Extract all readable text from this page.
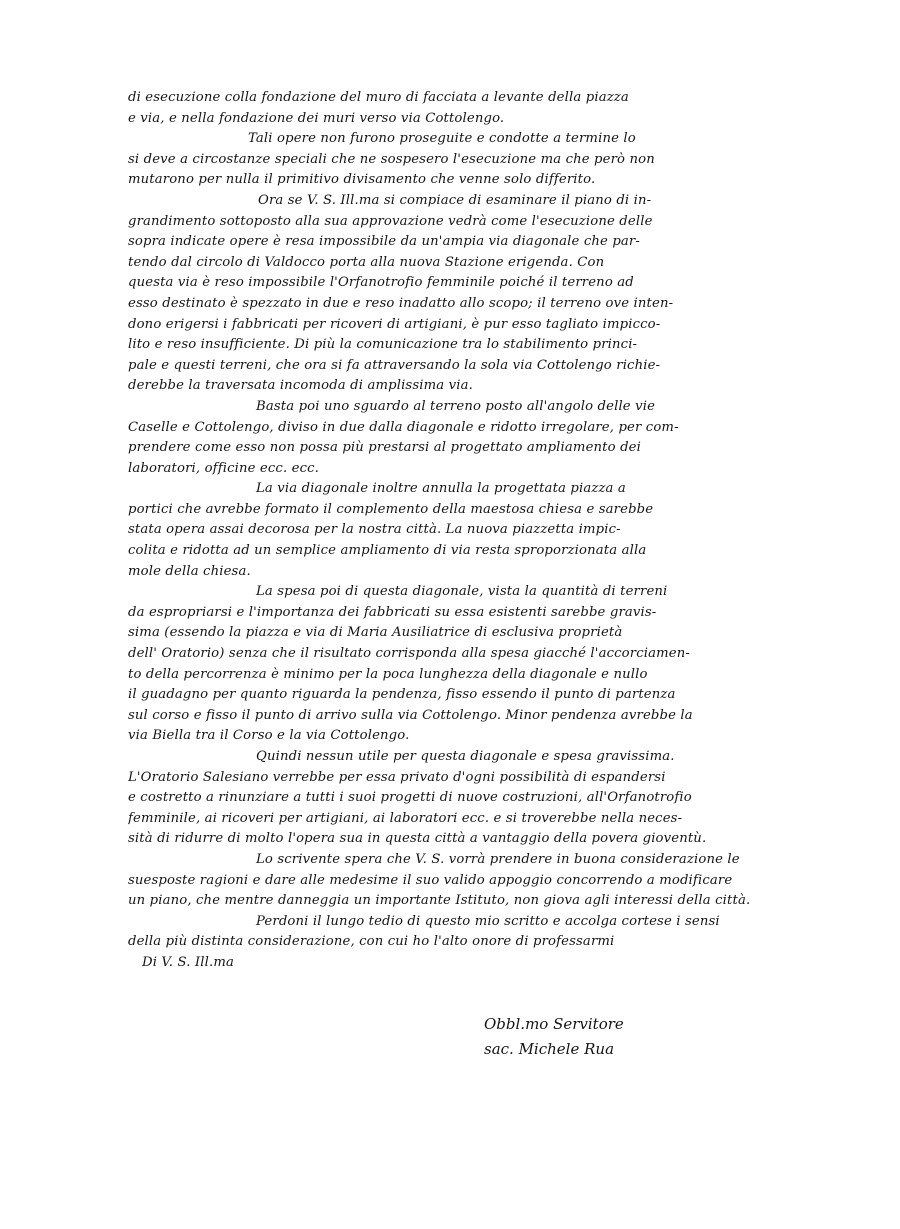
di esecuzione colla fondazione del muro di facciata a levante della piazza
e via, e nella fondazione dei muri verso via Cottolengo.
Tali opere non furono proseguite e condotte a termine lo
si deve a circostanze speciali che ne sospesero l'esecuzione ma che però non
mutarono per nulla il primitivo divisamento che venne solo differito.
Ora se V. S. Ill.ma si compiace di esaminare il piano di in-
grandimento sottoposto alla sua approvazione vedrà come l'esecuzione delle
sopra indicate opere è resa impossibile da un'ampia via diagonale che par-
tendo dal circolo di Valdocco porta alla nuova Stazione erigenda. Con
questa via è reso impossibile l'Orfanotrofio femminile poiché il terreno ad
esso destinato è spezzato in due e reso inadatto allo scopo; il terreno ove inten-
dono erigersi i fabbricati per ricoveri di artigiani, è pur esso tagliato impicco-
lito e reso insufficiente. Di più la comunicazione tra lo stabilimento princi-
pale e questi terreni, che ora si fa attraversando la sola via Cottolengo richie-
derebbe la traversata incomoda di amplissima via.
Basta poi uno sguardo al terreno posto all'angolo delle vie
Caselle e Cottolengo, diviso in due dalla diagonale e ridotto irregolare, per com-
prendere come esso non possa più prestarsi al progettato ampliamento dei
laboratori, officine ecc. ecc.
La via diagonale inoltre annulla la progettata piazza a
portici che avrebbe formato il complemento della maestosa chiesa e sarebbe
stata opera assai decorosa per la nostra città. La nuova piazzetta impic-
colita e ridotta ad un semplice ampliamento di via resta sproporzionata alla
mole della chiesa.
La spesa poi di questa diagonale, vista la quantità di terreni
da espropriarsi e l'importanza dei fabbricati su essa esistenti sarebbe gravis-
sima (essendo la piazza e via di Maria Ausiliatrice di esclusiva proprietà
dell' Oratorio) senza che il risultato corrisponda alla spesa giacché l'accorciamen-
to della percorrenza è minimo per la poca lunghezza della diagonale e nullo
il guadagno per quanto riguarda la pendenza, fisso essendo il punto di partenza
sul corso e fisso il punto di arrivo sulla via Cottolengo. Minor pendenza avrebbe la
via Biella tra il Corso e la via Cottolengo.
Quindi nessun utile per questa diagonale e spesa gravissima.
L'Oratorio Salesiano verrebbe per essa privato d'ogni possibilità di espandersi
e costretto a rinunziare a tutti i suoi progetti di nuove costruzioni, all'Orfanotrofio
femminile, ai ricoveri per artigiani, ai laboratori ecc. e si troverebbe nella neces-
sità di ridurre di molto l'opera sua in questa città a vantaggio della povera gioventù.
Lo scrivente spera che V. S. vorrà prendere in buona considerazione le
suesposte ragioni e dare alle medesime il suo valido appoggio concorrendo a modificare
un piano, che mentre danneggia un importante Istituto, non giova agli interessi della città.
Perdoni il lungo tedio di questo mio scritto e accolga cortese i sensi
della più distinta considerazione, con cui ho l'alto onore di professarmi
Di V. S. Ill.ma
Obbl.mo Servitore
sac. Michele Rua
